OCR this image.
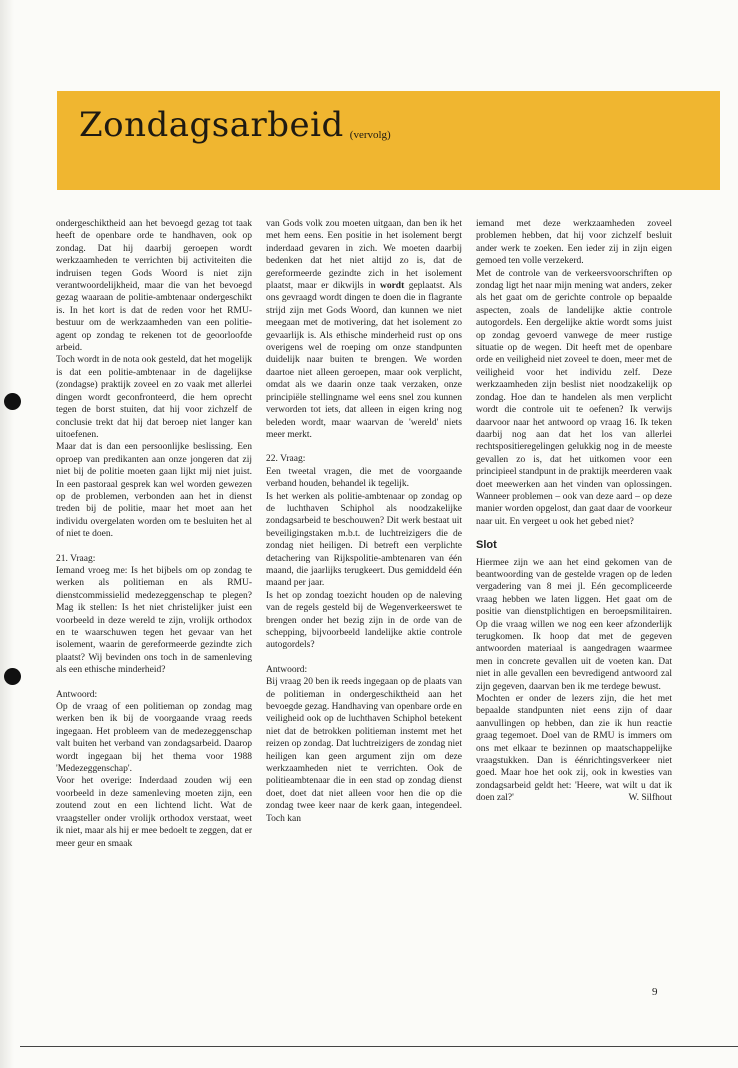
Zondagsarbeid (vervolg)

ondergeschiktheid aan het bevoegd gezag tot taak heeft de openbare orde te handhaven, ook op zondag. Dat hij daarbij geroepen wordt werkzaamheden te verrichten bij activiteiten die indruisen tegen Gods Woord is niet zijn verantwoordelijkheid, maar die van het bevoegd gezag waaraan de politie-ambtenaar ondergeschikt is. In het kort is dat de reden voor het RMU-bestuur om de werkzaamheden van een politie-agent op zondag te rekenen tot de geoorloofde arbeid.

Toch wordt in de nota ook gesteld, dat het mogelijk is dat een politie-ambtenaar in de dagelijkse (zondagse) praktijk zoveel en zo vaak met allerlei dingen wordt geconfronteerd, die hem oprecht tegen de borst stuiten, dat hij voor zichzelf de conclusie trekt dat hij dat beroep niet langer kan uitoefenen.

Maar dat is dan een persoonlijke beslissing. Een oproep van predikanten aan onze jongeren dat zij niet bij de politie moeten gaan lijkt mij niet juist. In een pastoraal gesprek kan wel worden gewezen op de problemen, verbonden aan het in dienst treden bij de politie, maar het moet aan het individu overgelaten worden om te besluiten het al of niet te doen.

21. Vraag:

Iemand vroeg me: Is het bijbels om op zondag te werken als politieman en als RMU-dienstcommissielid medezeggenschap te plegen? Mag ik stellen: Is het niet christelijker juist een voorbeeld in deze wereld te zijn, vrolijk orthodox en te waarschuwen tegen het gevaar van het isolement, waarin de gereformeerde gezindte zich plaatst? Wij bevinden ons toch in de samenleving als een ethische minderheid?

Antwoord:

Op de vraag of een politieman op zondag mag werken ben ik bij de voorgaande vraag reeds ingegaan. Het probleem van de medezeggenschap valt buiten het verband van zondagsarbeid. Daarop wordt ingegaan bij het thema voor 1988 'Medezeggenschap'.

Voor het overige: Inderdaad zouden wij een voorbeeld in deze samenleving moeten zijn, een zoutend zout en een lichtend licht. Wat de vraagsteller onder vrolijk orthodox verstaat, weet ik niet, maar als hij er mee bedoelt te zeggen, dat er meer geur en smaak

van Gods volk zou moeten uitgaan, dan ben ik het met hem eens. Een positie in het isolement bergt inderdaad gevaren in zich. We moeten daarbij bedenken dat het niet altijd zo is, dat de gereformeerde gezindte zich in het isolement plaatst, maar er dikwijls in wordt geplaatst. Als ons gevraagd wordt dingen te doen die in flagrante strijd zijn met Gods Woord, dan kunnen we niet meegaan met de motivering, dat het isolement zo gevaarlijk is. Als ethische minderheid rust op ons overigens wel de roeping om onze standpunten duidelijk naar buiten te brengen. We worden daartoe niet alleen geroepen, maar ook verplicht, omdat als we daarin onze taak verzaken, onze principiële stellingname wel eens snel zou kunnen verworden tot iets, dat alleen in eigen kring nog beleden wordt, maar waarvan de 'wereld' niets meer merkt.

22. Vraag:

Een tweetal vragen, die met de voorgaande verband houden, behandel ik tegelijk.

Is het werken als politie-ambtenaar op zondag op de luchthaven Schiphol als noodzakelijke zondagsarbeid te beschouwen? Dit werk bestaat uit beveiligingstaken m.b.t. de luchtreizigers die de zondag niet heiligen. Di betreft een verplichte detachering van Rijkspolitie-ambtenaren van één maand, die jaarlijks terugkeert. Dus gemiddeld één maand per jaar.

Is het op zondag toezicht houden op de naleving van de regels gesteld bij de Wegenverkeerswet te brengen onder het bezig zijn in de orde van de schepping, bijvoorbeeld landelijke aktie controle autogordels?

Antwoord:

Bij vraag 20 ben ik reeds ingegaan op de plaats van de politieman in ondergeschiktheid aan het bevoegde gezag. Handhaving van openbare orde en veiligheid ook op de luchthaven Schiphol betekent niet dat de betrokken politieman instemt met het reizen op zondag. Dat luchtreizigers de zondag niet heiligen kan geen argument zijn om deze werkzaamheden niet te verrichten. Ook de politieambtenaar die in een stad op zondag dienst doet, doet dat niet alleen voor hen die op die zondag twee keer naar de kerk gaan, integendeel. Toch kan

iemand met deze werkzaamheden zoveel problemen hebben, dat hij voor zichzelf besluit ander werk te zoeken. Een ieder zij in zijn eigen gemoed ten volle verzekerd.

Met de controle van de verkeersvoorschriften op zondag ligt het naar mijn mening wat anders, zeker als het gaat om de gerichte controle op bepaalde aspecten, zoals de landelijke aktie controle autogordels. Een dergelijke aktie wordt soms juist op zondag gevoerd vanwege de meer rustige situatie op de wegen. Dit heeft met de openbare orde en veiligheid niet zoveel te doen, meer met de veiligheid voor het individu zelf. Deze werkzaamheden zijn beslist niet noodzakelijk op zondag. Hoe dan te handelen als men verplicht wordt die controle uit te oefenen? Ik verwijs daarvoor naar het antwoord op vraag 16. Ik teken daarbij nog aan dat het los van allerlei rechtspositieregelingen gelukkig nog in de meeste gevallen zo is, dat het uitkomen voor een principieel standpunt in de praktijk meerderen vaak doet meewerken aan het vinden van oplossingen. Wanneer problemen – ook van deze aard – op deze manier worden opgelost, dan gaat daar de voorkeur naar uit. En vergeet u ook het gebed niet?

Slot

Hiermee zijn we aan het eind gekomen van de beantwoording van de gestelde vragen op de leden vergadering van 8 mei jl. Eén gecompliceerde vraag hebben we laten liggen. Het gaat om de positie van dienstplichtigen en beroepsmilitairen. Op die vraag willen we nog een keer afzonderlijk terugkomen. Ik hoop dat met de gegeven antwoorden materiaal is aangedragen waarmee men in concrete gevallen uit de voeten kan. Dat niet in alle gevallen een bevredigend antwoord zal zijn gegeven, daarvan ben ik me terdege bewust.

Mochten er onder de lezers zijn, die het met bepaalde standpunten niet eens zijn of daar aanvullingen op hebben, dan zie ik hun reactie graag tegemoet. Doel van de RMU is immers om ons met elkaar te bezinnen op maatschappelijke vraagstukken. Dan is éénrichtingsverkeer niet goed. Maar hoe het ook zij, ook in kwesties van zondagsarbeid geldt het: 'Heere, wat wilt u dat ik doen zal?'	W. Silfhout

9
